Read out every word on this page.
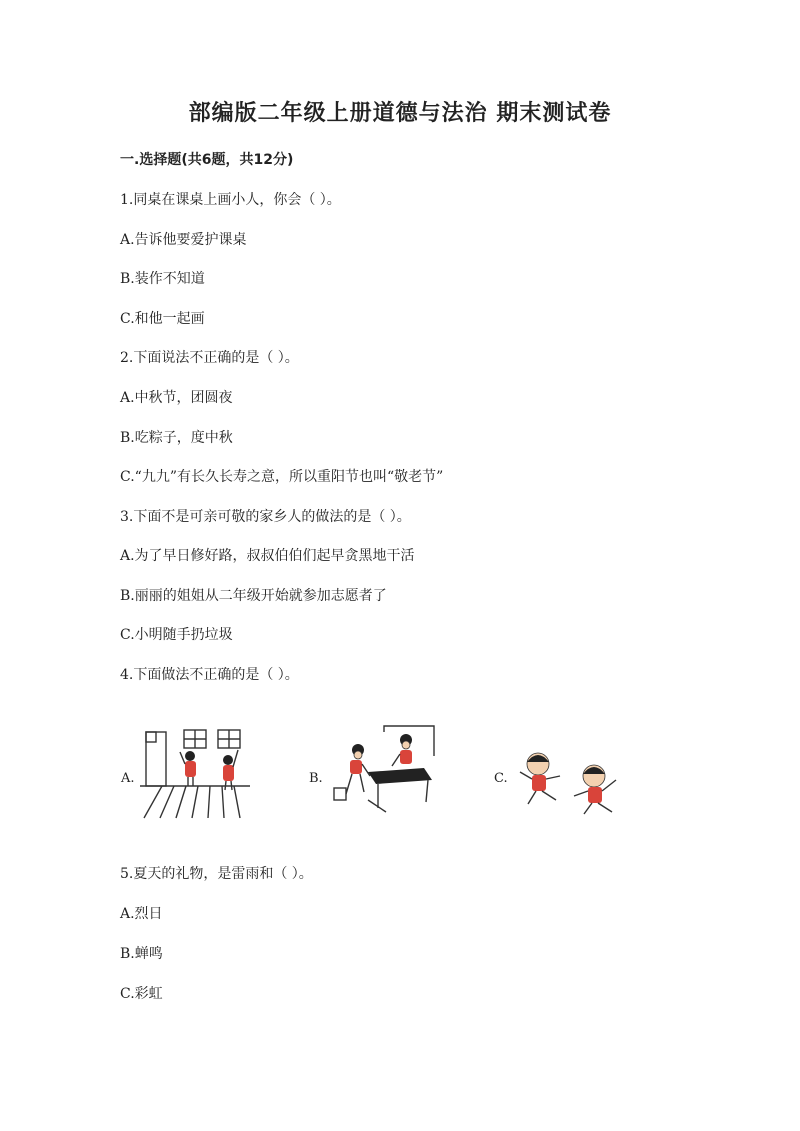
部编版二年级上册道德与法治 期末测试卷
一.选择题(共6题，共12分)
1.同桌在课桌上画小人，你会（ ）。
A.告诉他要爱护课桌
B.装作不知道
C.和他一起画
2.下面说法不正确的是（ ）。
A.中秋节，团圆夜
B.吃粽子，度中秋
C.“九九”有长久长寿之意，所以重阳节也叫“敬老节”
3.下面不是可亲可敬的家乡人的做法的是（ ）。
A.为了早日修好路，叔叔伯伯们起早贪黑地干活
B.丽丽的姐姐从二年级开始就参加志愿者了
C.小明随手扔垃圾
4.下面做法不正确的是（ ）。
A.	B.	C.
5.夏天的礼物，是雷雨和（ ）。
A.烈日
B.蝉鸣
C.彩虹
